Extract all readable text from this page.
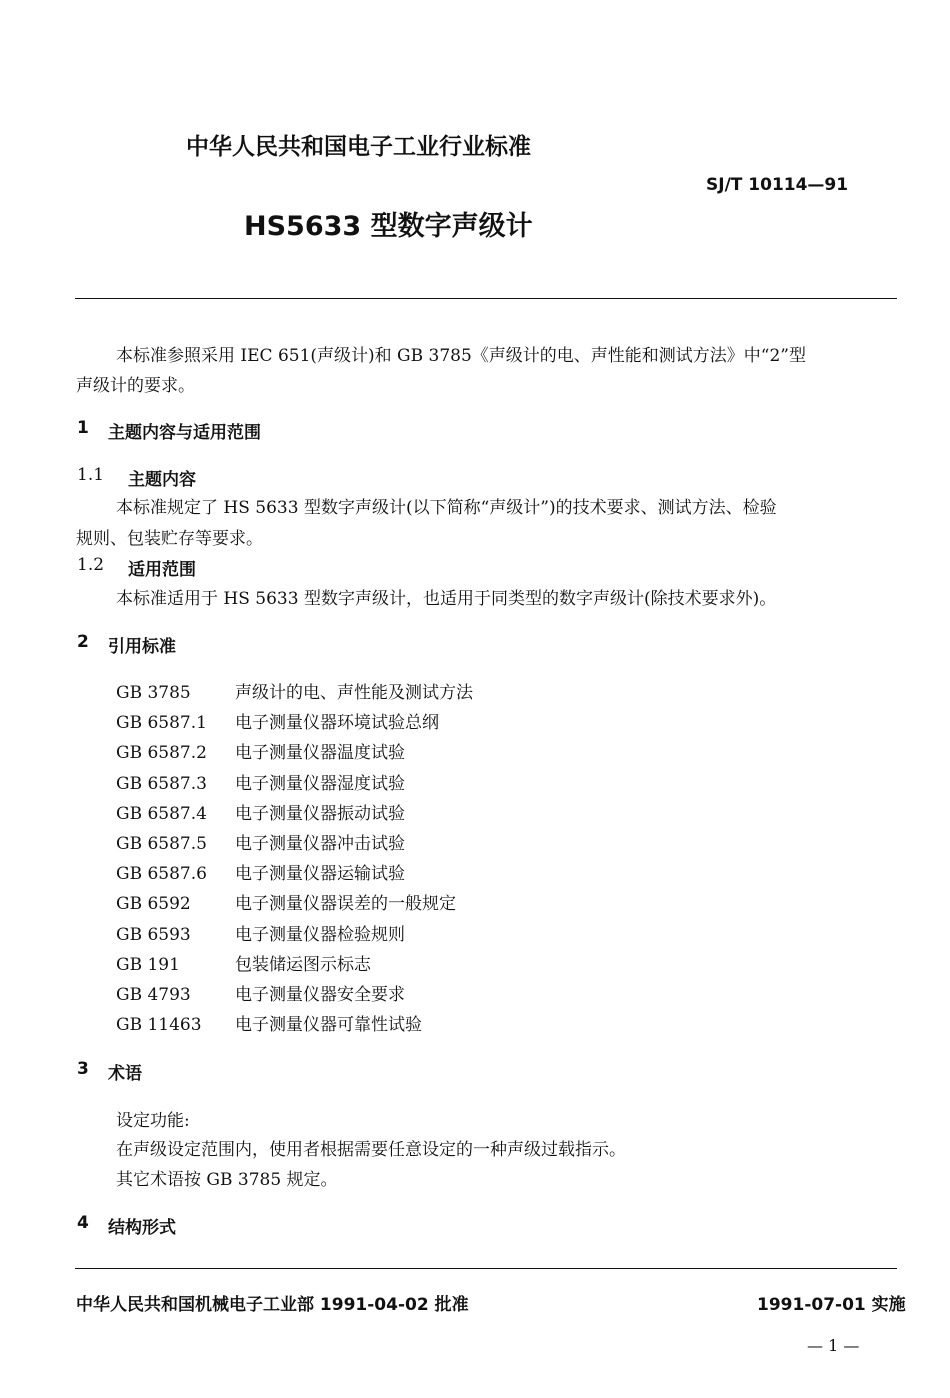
中华人民共和国电子工业行业标准
SJ/T 10114—91
HS5633 型数字声级计
本标准参照采用 IEC 651(声级计)和 GB 3785《声级计的电、声性能和测试方法》中“2”型
声级计的要求。
1 主题内容与适用范围
1.1 主题内容
本标准规定了 HS 5633 型数字声级计(以下简称“声级计”)的技术要求、测试方法、检验
规则、包装贮存等要求。
1.2 适用范围
本标准适用于 HS 5633 型数字声级计，也适用于同类型的数字声级计(除技术要求外)。
2 引用标准
GB 3785	声级计的电、声性能及测试方法
GB 6587.1 电子测量仪器环境试验总纲
GB 6587.2 电子测量仪器温度试验
GB 6587.3 电子测量仪器湿度试验
GB 6587.4 电子测量仪器振动试验
GB 6587.5 电子测量仪器冲击试验
GB 6587.6 电子测量仪器运输试验
GB 6592	电子测量仪器误差的一般规定
GB 6593	电子测量仪器检验规则
GB 191	包装储运图示标志
GB 4793	电子测量仪器安全要求
GB 11463 电子测量仪器可靠性试验
3 术语
设定功能:
在声级设定范围内，使用者根据需要任意设定的一种声级过载指示。
其它术语按 GB 3785 规定。
4 结构形式
中华人民共和国机械电子工业部 1991-04-02 批准	1991-07-01 实施
— 1 —
